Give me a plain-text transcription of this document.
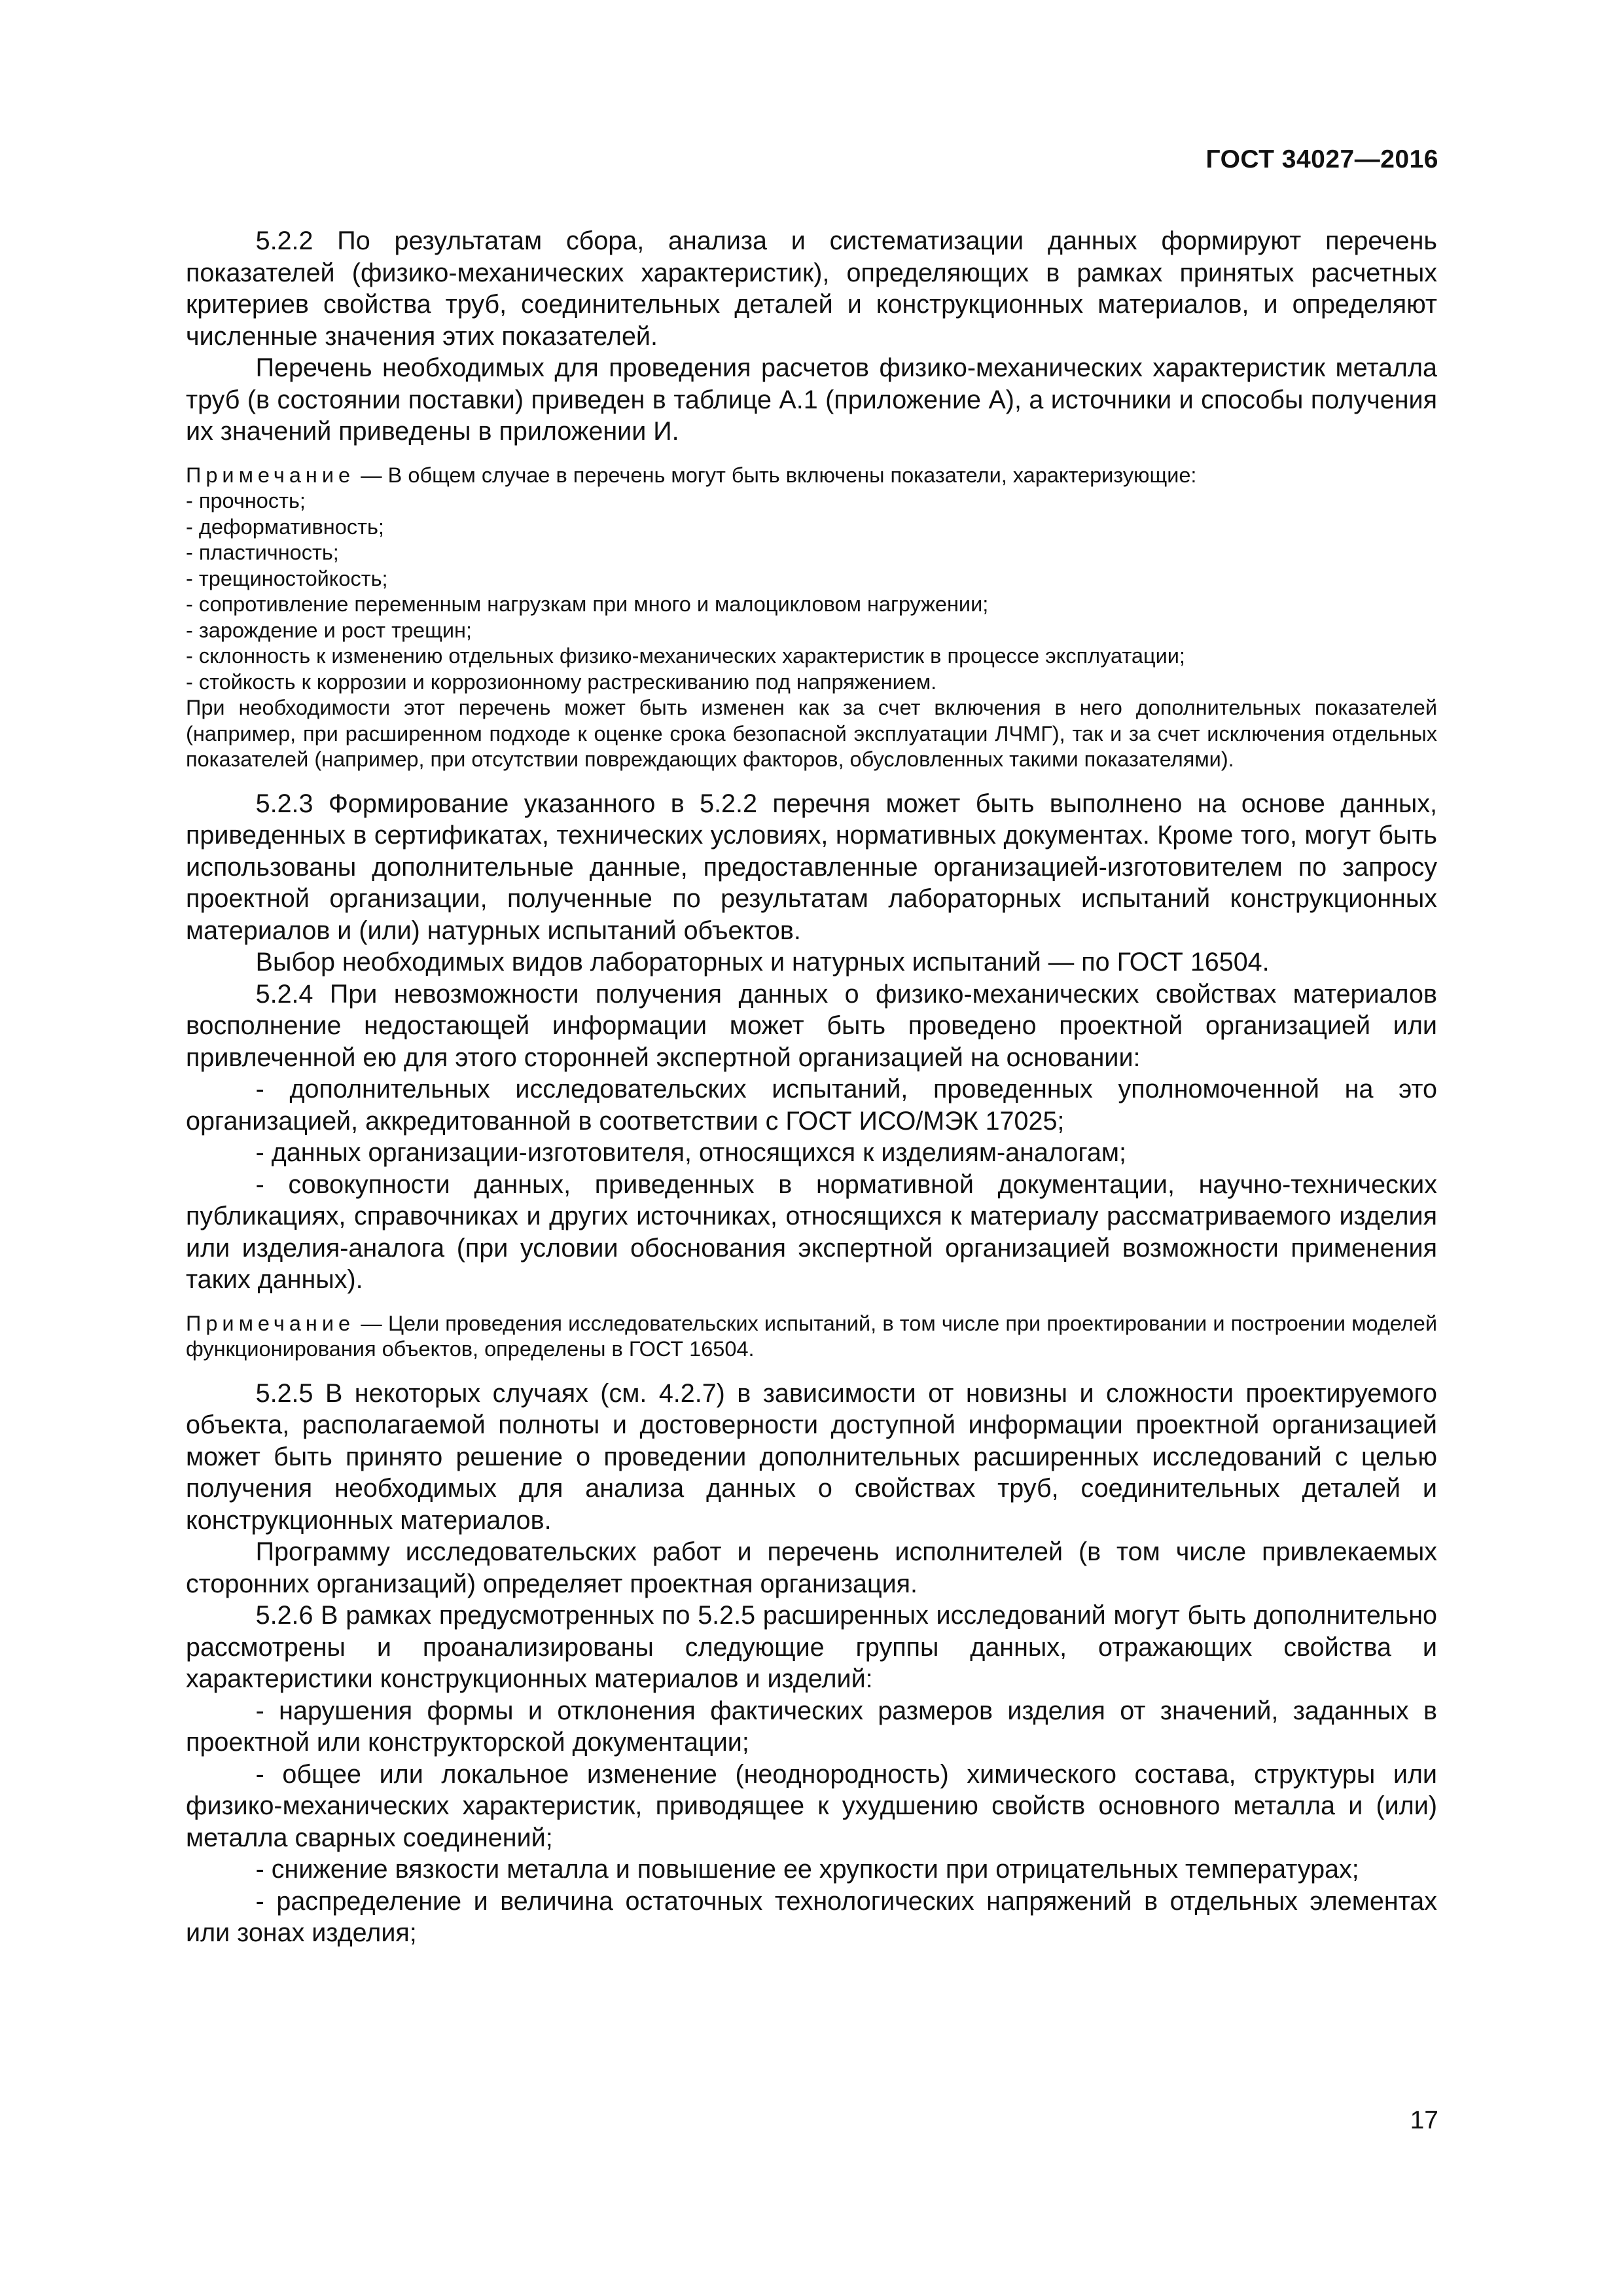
ГОСТ 34027—2016

5.2.2 По результатам сбора, анализа и систематизации данных формируют перечень показателей (физико-механических характеристик), определяющих в рамках принятых расчетных критериев свойства труб, соединительных деталей и конструкционных материалов, и определяют численные значения этих показателей.

Перечень необходимых для проведения расчетов физико-механических характеристик металла труб (в состоянии поставки) приведен в таблице А.1 (приложение А), а источники и способы получения их значений приведены в приложении И.

Примечание — В общем случае в перечень могут быть включены показатели, характеризующие:

- прочность;

- деформативность;

- пластичность;

- трещиностойкость;

- сопротивление переменным нагрузкам при много и малоцикловом нагружении;

- зарождение и рост трещин;

- склонность к изменению отдельных физико-механических характеристик в процессе эксплуатации;

- стойкость к коррозии и коррозионному растрескиванию под напряжением.

При необходимости этот перечень может быть изменен как за счет включения в него дополнительных показателей (например, при расширенном подходе к оценке срока безопасной эксплуатации ЛЧМГ), так и за счет исключения отдельных показателей (например, при отсутствии повреждающих факторов, обусловленных такими показателями).

5.2.3 Формирование указанного в 5.2.2 перечня может быть выполнено на основе данных, приведенных в сертификатах, технических условиях, нормативных документах. Кроме того, могут быть использованы дополнительные данные, предоставленные организацией-изготовителем по запросу проектной организации, полученные по результатам лабораторных испытаний конструкционных материалов и (или) натурных испытаний объектов.

Выбор необходимых видов лабораторных и натурных испытаний — по ГОСТ 16504.

5.2.4 При невозможности получения данных о физико-механических свойствах материалов восполнение недостающей информации может быть проведено проектной организацией или привлеченной ею для этого сторонней экспертной организацией на основании:

- дополнительных исследовательских испытаний, проведенных уполномоченной на это организацией, аккредитованной в соответствии с ГОСТ ИСО/МЭК 17025;

- данных организации-изготовителя, относящихся к изделиям-аналогам;

- совокупности данных, приведенных в нормативной документации, научно-технических публикациях, справочниках и других источниках, относящихся к материалу рассматриваемого изделия или изделия-аналога (при условии обоснования экспертной организацией возможности применения таких данных).

Примечание — Цели проведения исследовательских испытаний, в том числе при проектировании и построении моделей функционирования объектов, определены в ГОСТ 16504.

5.2.5 В некоторых случаях (см. 4.2.7) в зависимости от новизны и сложности проектируемого объекта, располагаемой полноты и достоверности доступной информации проектной организацией может быть принято решение о проведении дополнительных расширенных исследований с целью получения необходимых для анализа данных о свойствах труб, соединительных деталей и конструкционных материалов.

Программу исследовательских работ и перечень исполнителей (в том числе привлекаемых сторонних организаций) определяет проектная организация.

5.2.6 В рамках предусмотренных по 5.2.5 расширенных исследований могут быть дополнительно рассмотрены и проанализированы следующие группы данных, отражающих свойства и характеристики конструкционных материалов и изделий:

- нарушения формы и отклонения фактических размеров изделия от значений, заданных в проектной или конструкторской документации;

- общее или локальное изменение (неоднородность) химического состава, структуры или физико-механических характеристик, приводящее к ухудшению свойств основного металла и (или) металла сварных соединений;

- снижение вязкости металла и повышение ее хрупкости при отрицательных температурах;

- распределение и величина остаточных технологических напряжений в отдельных элементах или зонах изделия;

17
